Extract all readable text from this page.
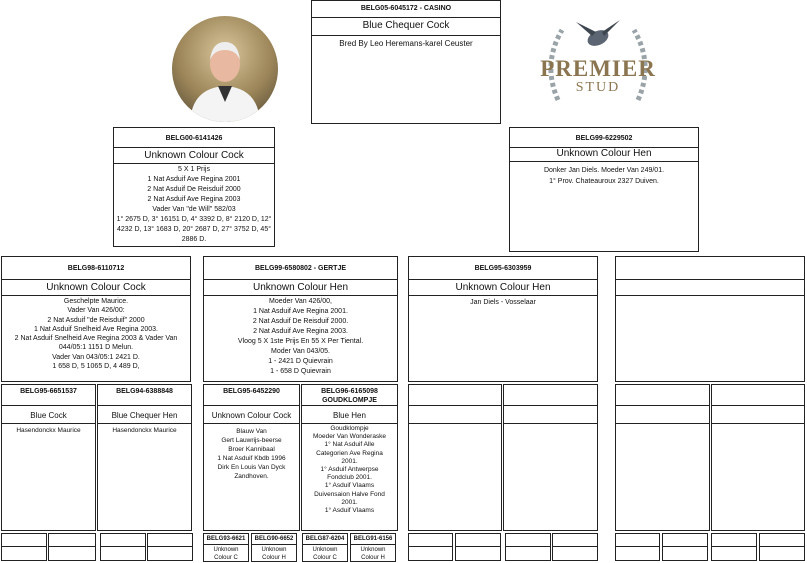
BELG05-6045172 - CASINO
Blue Chequer Cock
Bred By Leo Heremans-karel Ceuster
PREMIER
STUD
BELG00-6141426
Unknown Colour Cock
5 X 1 Prijs
1 Nat Asduif Ave Regina 2001
2 Nat Asduif De Reisduif 2000
2 Nat Asduif Ave Regina 2003
Vader Van "de Will" 582/03
1° 2675 D, 3° 16151 D, 4° 3392 D, 8° 2120 D, 12° 4232 D, 13° 1683 D, 20° 2687 D, 27° 3752 D, 45° 2886 D.
BELG99-6229502
Unknown Colour Hen
Donker Jan Diels. Moeder Van 249/01.
1° Prov. Chateauroux 2327 Duiven.
BELG98-6110712
Unknown Colour Cock
Geschelpte Maurice.
Vader Van 426/00:
2 Nat Asduif "de Reisduif" 2000
1 Nat Asduif Snelheid Ave Regina 2003.
2 Nat Asduif Snelheid Ave Regina 2003 & Vader Van 044/05:1 1151 D Melun.
Vader Van 043/05:1 2421 D.
1 658 D, 5 1065 D, 4 489 D,
BELG99-6580802 - GERTJE
Unknown Colour Hen
Moeder Van 426/00,
1 Nat Asduif Ave Regina 2001.
2 Nat Asduif De Reisduif 2000.
2 Nat Asduif Ave Regina 2003.
Vloog 5 X 1ste Prijs En 55 X Per Tiental.
Moder Van 043/05.
1 - 2421 D Quievrain
1 - 658 D Quievrain
BELG95-6303959
Unknown Colour Hen
Jan Diels - Vosselaar
BELG95-6651537
Blue Cock
Hasendonckx Maurice
BELG94-6388848
Blue Chequer Hen
Hasendonckx Maurice
BELG95-6452290
Unknown Colour Cock
Blauw Van
Gert Lauwrijs-beerse
Broer Kannibaal
1 Nat Asduif Kbdb 1996
Dirk En Louis Van Dyck
Zandhoven.
BELG96-6165098 GOUDKLOMPJE
Blue Hen
Goudklompje
Moeder Van Wonderaske
1° Nat Asduif Alle
Categorien Ave Regina
2001.
1° Asduif Antwerpse
Fondclub 2001.
1° Asduif Vlaams
Duivensaion Halve Fond
2001.
1° Asduif Vlaams
BELG93-6621
Unknown Colour C
BELG90-6652
Unknown Colour H
BELG87-6204
Unknown Colour C
BELG91-6156
Unknown Colour H
